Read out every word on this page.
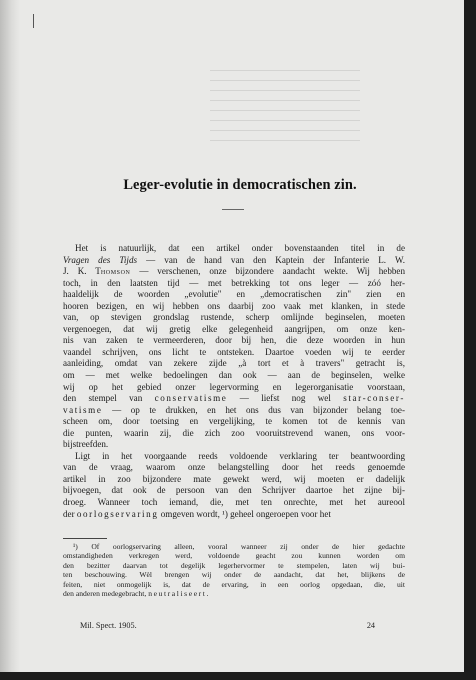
Leger-evolutie in democratischen zin.
Het is natuurlijk, dat een artikel onder bovenstaanden titel in de
Vragen des Tijds — van de hand van den Kaptein der Infanterie L. W.
J. K. Thomson — verschenen, onze bijzondere aandacht wekte. Wij hebben
toch, in den laatsten tijd — met betrekking tot ons leger — zóó her-
haaldelijk de woorden „evolutie" en „democratischen zin" zien en
hooren bezigen, en wij hebben ons daarbij zoo vaak met klanken, in stede
van, op stevigen grondslag rustende, scherp omlijnde beginselen, moeten
vergenoegen, dat wij gretig elke gelegenheid aangrijpen, om onze ken-
nis van zaken te vermeerderen, door bij hen, die deze woorden in hun
vaandel schrijven, ons licht te ontsteken. Daartoe voeden wij te eerder
aanleiding, omdat van zekere zijde „à tort et à travers" getracht is,
om — met welke bedoelingen dan ook — aan de beginselen, welke
wij op het gebied onzer legervorming en legerorganisatie voorstaan,
den stempel van conservatisme — liefst nog wel star-conser-
vatisme — op te drukken, en het ons dus van bijzonder belang toe-
scheen om, door toetsing en vergelijking, te komen tot de kennis van
die punten, waarin zij, die zich zoo vooruitstrevend wanen, ons voor-
bijstreefden.
Ligt in het voorgaande reeds voldoende verklaring ter beantwoording
van de vraag, waarom onze belangstelling door het reeds genoemde
artikel in zoo bijzondere mate gewekt werd, wij moeten er dadelijk
bijvoegen, dat ook de persoon van den Schrijver daartoe het zijne bij-
droeg. Wanneer toch iemand, die, met ten onrechte, met het aureool
der oorlogservaring omgeven wordt, ¹) geheel ongeroepen voor het
¹) Of oorlogservaring alleen, vooral wanneer zij onder de hier gedachte
omstandigheden verkregen werd, voldoende geacht zou kunnen worden om
den bezitter daarvan tot degelijk legerhervormer te stempelen, laten wij bui-
ten beschouwing. Wèl brengen wij onder de aandacht, dat het, blijkens de
feiten, niet onmogelijk is, dat de ervaring, in een oorlog opgedaan, die, uit
den anderen medegebracht, neutraliseert.
Mil. Spect. 1905.	24
